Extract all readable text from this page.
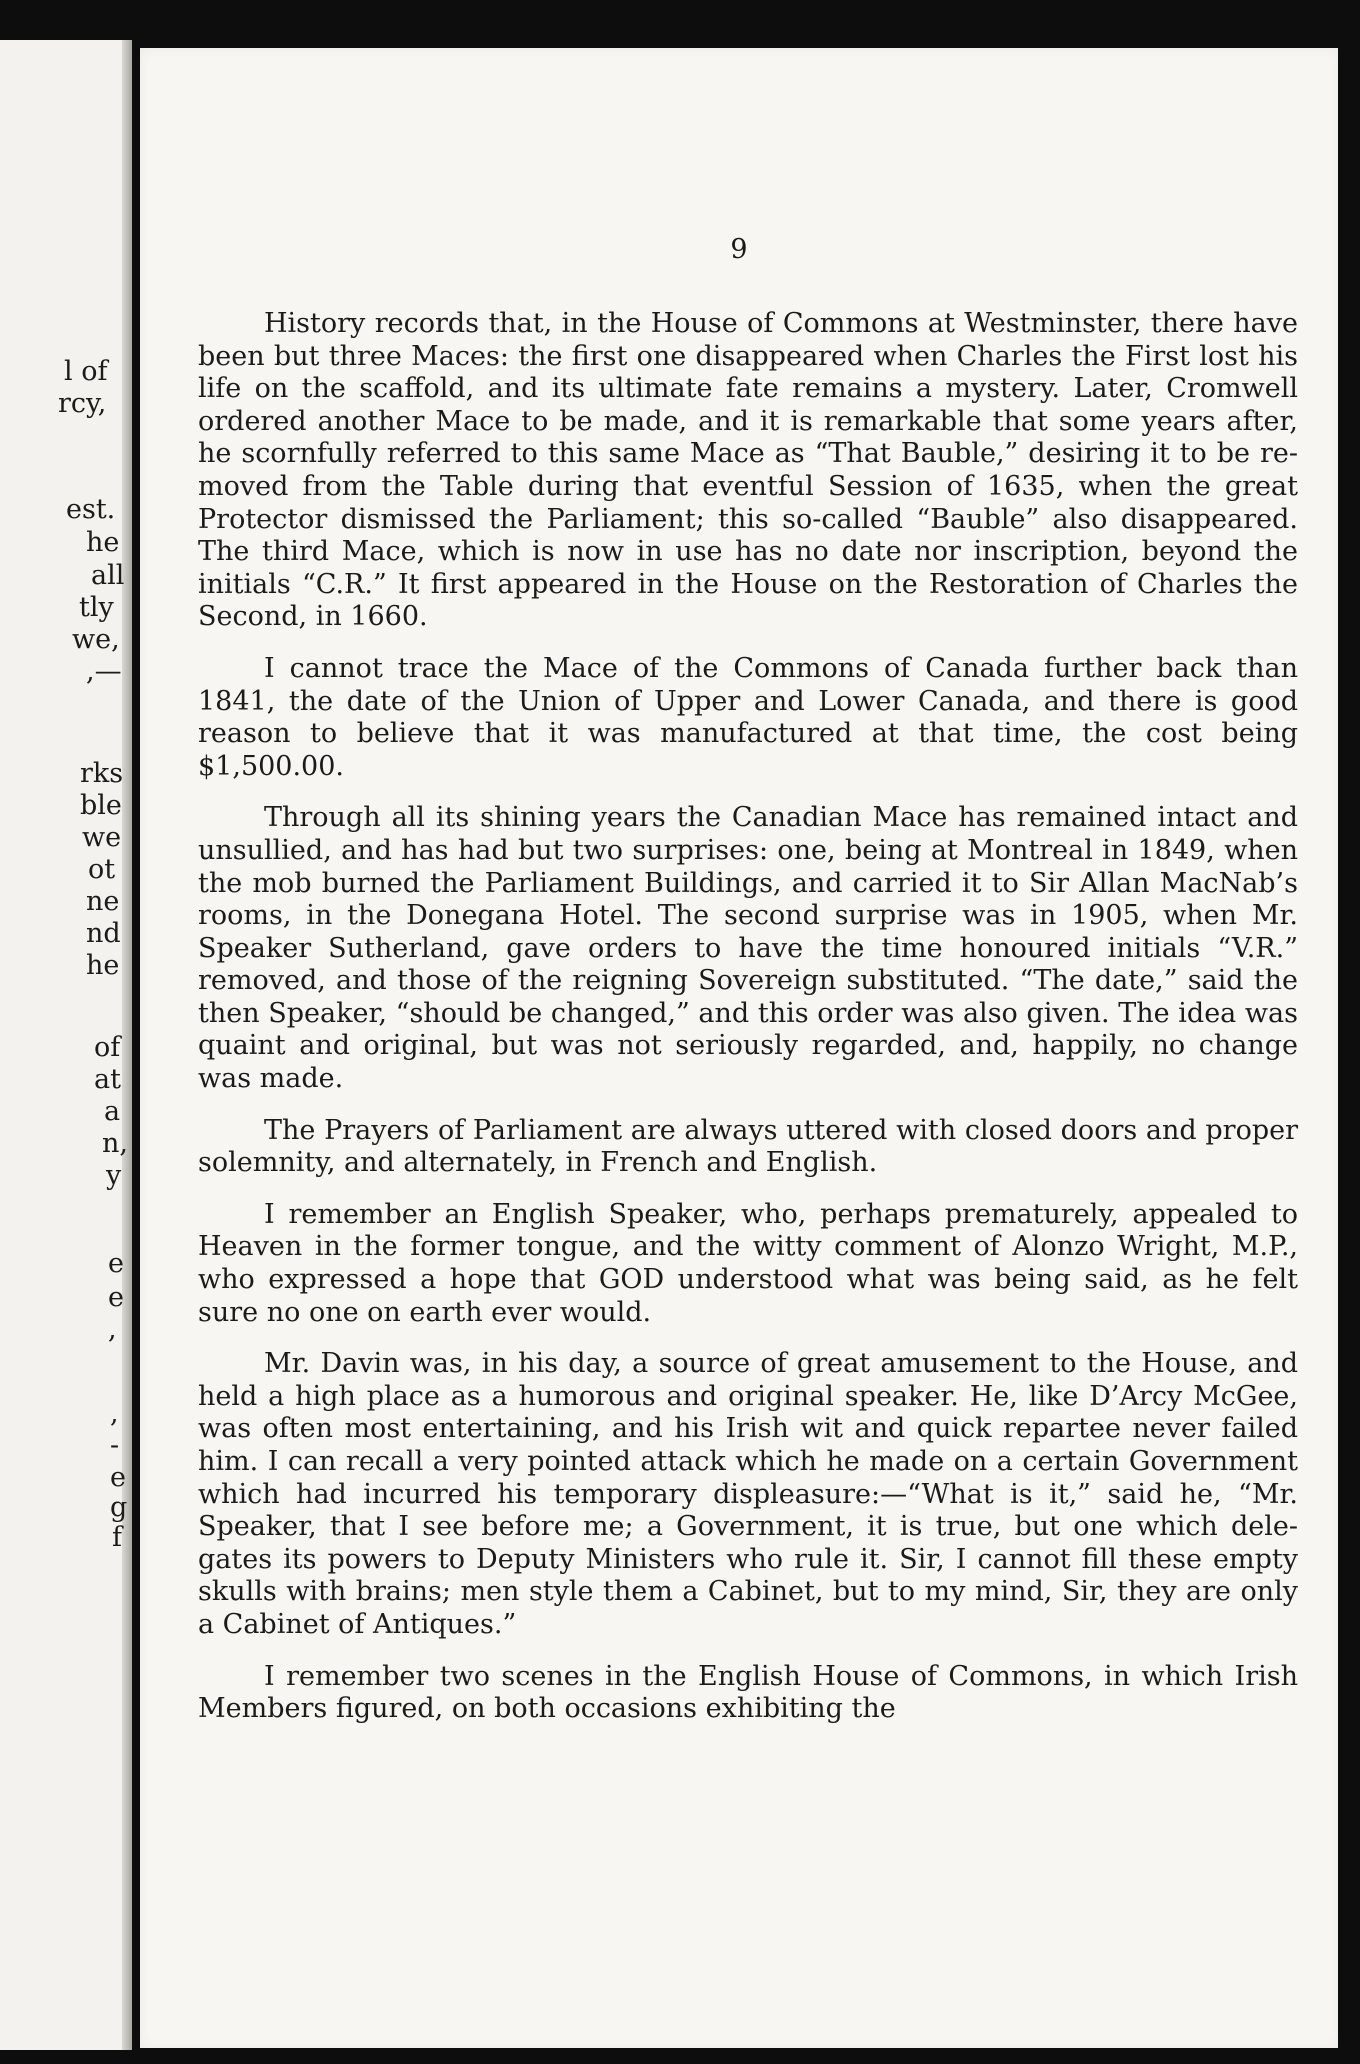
l of
rcy,
est.
he
all
tly
we,
,—
rks
ble
we
ot
ne
nd
he
of
at
a
n,
y
e
e
,
,
-
e
g
f
9

History records that, in the House of Commons at Westminster, there have been but three Maces: the first one disappeared when Charles the First lost his life on the scaffold, and its ultimate fate remains a mystery. Later, Cromwell ordered another Mace to be made, and it is remarkable that some years after, he scornfully referred to this same Mace as “That Bauble,” desiring it to be re-moved from the Table during that eventful Session of 1635, when the great Protector dismissed the Parliament; this so-called “Bauble” also disappeared. The third Mace, which is now in use has no date nor inscription, beyond the initials “C.R.” It first appeared in the House on the Restoration of Charles the Second, in 1660.

I cannot trace the Mace of the Commons of Canada further back than 1841, the date of the Union of Upper and Lower Canada, and there is good reason to believe that it was manufactured at that time, the cost being $1,500.00.

Through all its shining years the Canadian Mace has remained intact and unsullied, and has had but two surprises: one, being at Montreal in 1849, when the mob burned the Parliament Buildings, and carried it to Sir Allan MacNab’s rooms, in the Donegana Hotel. The second surprise was in 1905, when Mr. Speaker Sutherland, gave orders to have the time honoured initials “V.R.” removed, and those of the reigning Sovereign substituted. “The date,” said the then Speaker, “should be changed,” and this order was also given. The idea was quaint and original, but was not seriously regarded, and, happily, no change was made.

The Prayers of Parliament are always uttered with closed doors and proper solemnity, and alternately, in French and English.

I remember an English Speaker, who, perhaps prematurely, appealed to Heaven in the former tongue, and the witty comment of Alonzo Wright, M.P., who expressed a hope that GOD understood what was being said, as he felt sure no one on earth ever would.

Mr. Davin was, in his day, a source of great amusement to the House, and held a high place as a humorous and original speaker. He, like D’Arcy McGee, was often most entertaining, and his Irish wit and quick repartee never failed him. I can recall a very pointed attack which he made on a certain Government which had incurred his temporary displeasure:—“What is it,” said he, “Mr. Speaker, that I see before me; a Government, it is true, but one which dele-gates its powers to Deputy Ministers who rule it. Sir, I cannot fill these empty skulls with brains; men style them a Cabinet, but to my mind, Sir, they are only a Cabinet of Antiques.”

I remember two scenes in the English House of Commons, in which Irish Members figured, on both occasions exhibiting the
